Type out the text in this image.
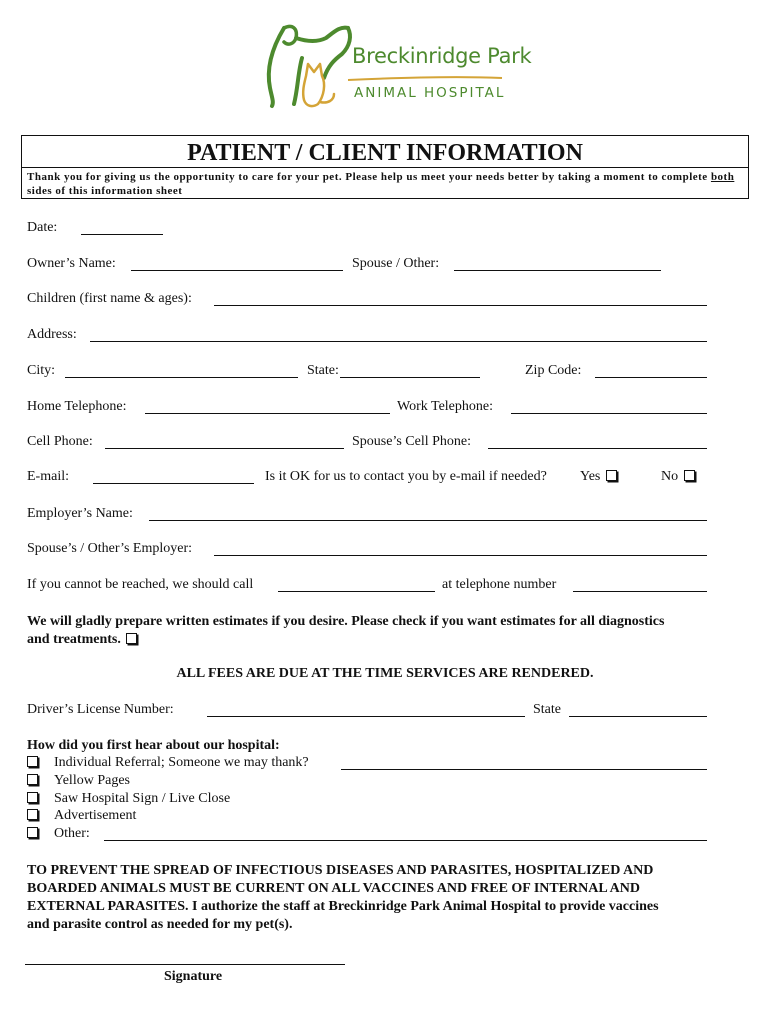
Breckinridge Park
ANIMAL HOSPITAL
PATIENT / CLIENT INFORMATION
Thank you for giving us the opportunity to care for your pet. Please help us meet your needs better by taking a moment to complete both sides of this information sheet
Date:
Owner’s Name:	Spouse / Other:
Children (first name & ages):
Address:
City:	State:	Zip Code:
Home Telephone:	Work Telephone:
Cell Phone:	Spouse’s Cell Phone:
E-mail:	Is it OK for us to contact you by e-mail if needed? Yes	No
Employer’s Name:
Spouse’s / Other’s Employer:
If you cannot be reached, we should call	at telephone number
We will gladly prepare written estimates if you desire. Please check if you want estimates for all diagnostics
and treatments.
ALL FEES ARE DUE AT THE TIME SERVICES ARE RENDERED.
Driver’s License Number:	State
How did you first hear about our hospital:
Individual Referral; Someone we may thank?
Yellow Pages
Saw Hospital Sign / Live Close
Advertisement
Other:
TO PREVENT THE SPREAD OF INFECTIOUS DISEASES AND PARASITES, HOSPITALIZED AND
BOARDED ANIMALS MUST BE CURRENT ON ALL VACCINES AND FREE OF INTERNAL AND
EXTERNAL PARASITES. I authorize the staff at Breckinridge Park Animal Hospital to provide vaccines
and parasite control as needed for my pet(s).
Signature
